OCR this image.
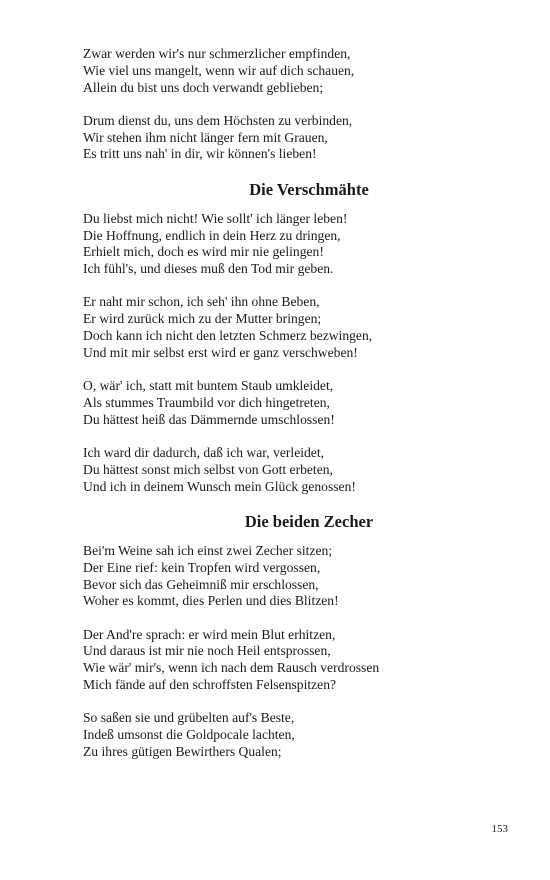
Zwar werden wir's nur schmerzlicher empfinden,
Wie viel uns mangelt, wenn wir auf dich schauen,
Allein du bist uns doch verwandt geblieben;
Drum dienst du, uns dem Höchsten zu verbinden,
Wir stehen ihm nicht länger fern mit Grauen,
Es tritt uns nah' in dir, wir können's lieben!
Die Verschmähte
Du liebst mich nicht! Wie sollt' ich länger leben!
Die Hoffnung, endlich in dein Herz zu dringen,
Erhielt mich, doch es wird mir nie gelingen!
Ich fühl's, und dieses muß den Tod mir geben.
Er naht mir schon, ich seh' ihn ohne Beben,
Er wird zurück mich zu der Mutter bringen;
Doch kann ich nicht den letzten Schmerz bezwingen,
Und mit mir selbst erst wird er ganz verschweben!
O, wär' ich, statt mit buntem Staub umkleidet,
Als stummes Traumbild vor dich hingetreten,
Du hättest heiß das Dämmernde umschlossen!
Ich ward dir dadurch, daß ich war, verleidet,
Du hättest sonst mich selbst von Gott erbeten,
Und ich in deinem Wunsch mein Glück genossen!
Die beiden Zecher
Bei'm Weine sah ich einst zwei Zecher sitzen;
Der Eine rief: kein Tropfen wird vergossen,
Bevor sich das Geheimniß mir erschlossen,
Woher es kommt, dies Perlen und dies Blitzen!
Der And're sprach: er wird mein Blut erhitzen,
Und daraus ist mir nie noch Heil entsprossen,
Wie wär' mir's, wenn ich nach dem Rausch verdrossen
Mich fände auf den schroffsten Felsenspitzen?
So saßen sie und grübelten auf's Beste,
Indeß umsonst die Goldpocale lachten,
Zu ihres gütigen Bewirthers Qualen;
153
